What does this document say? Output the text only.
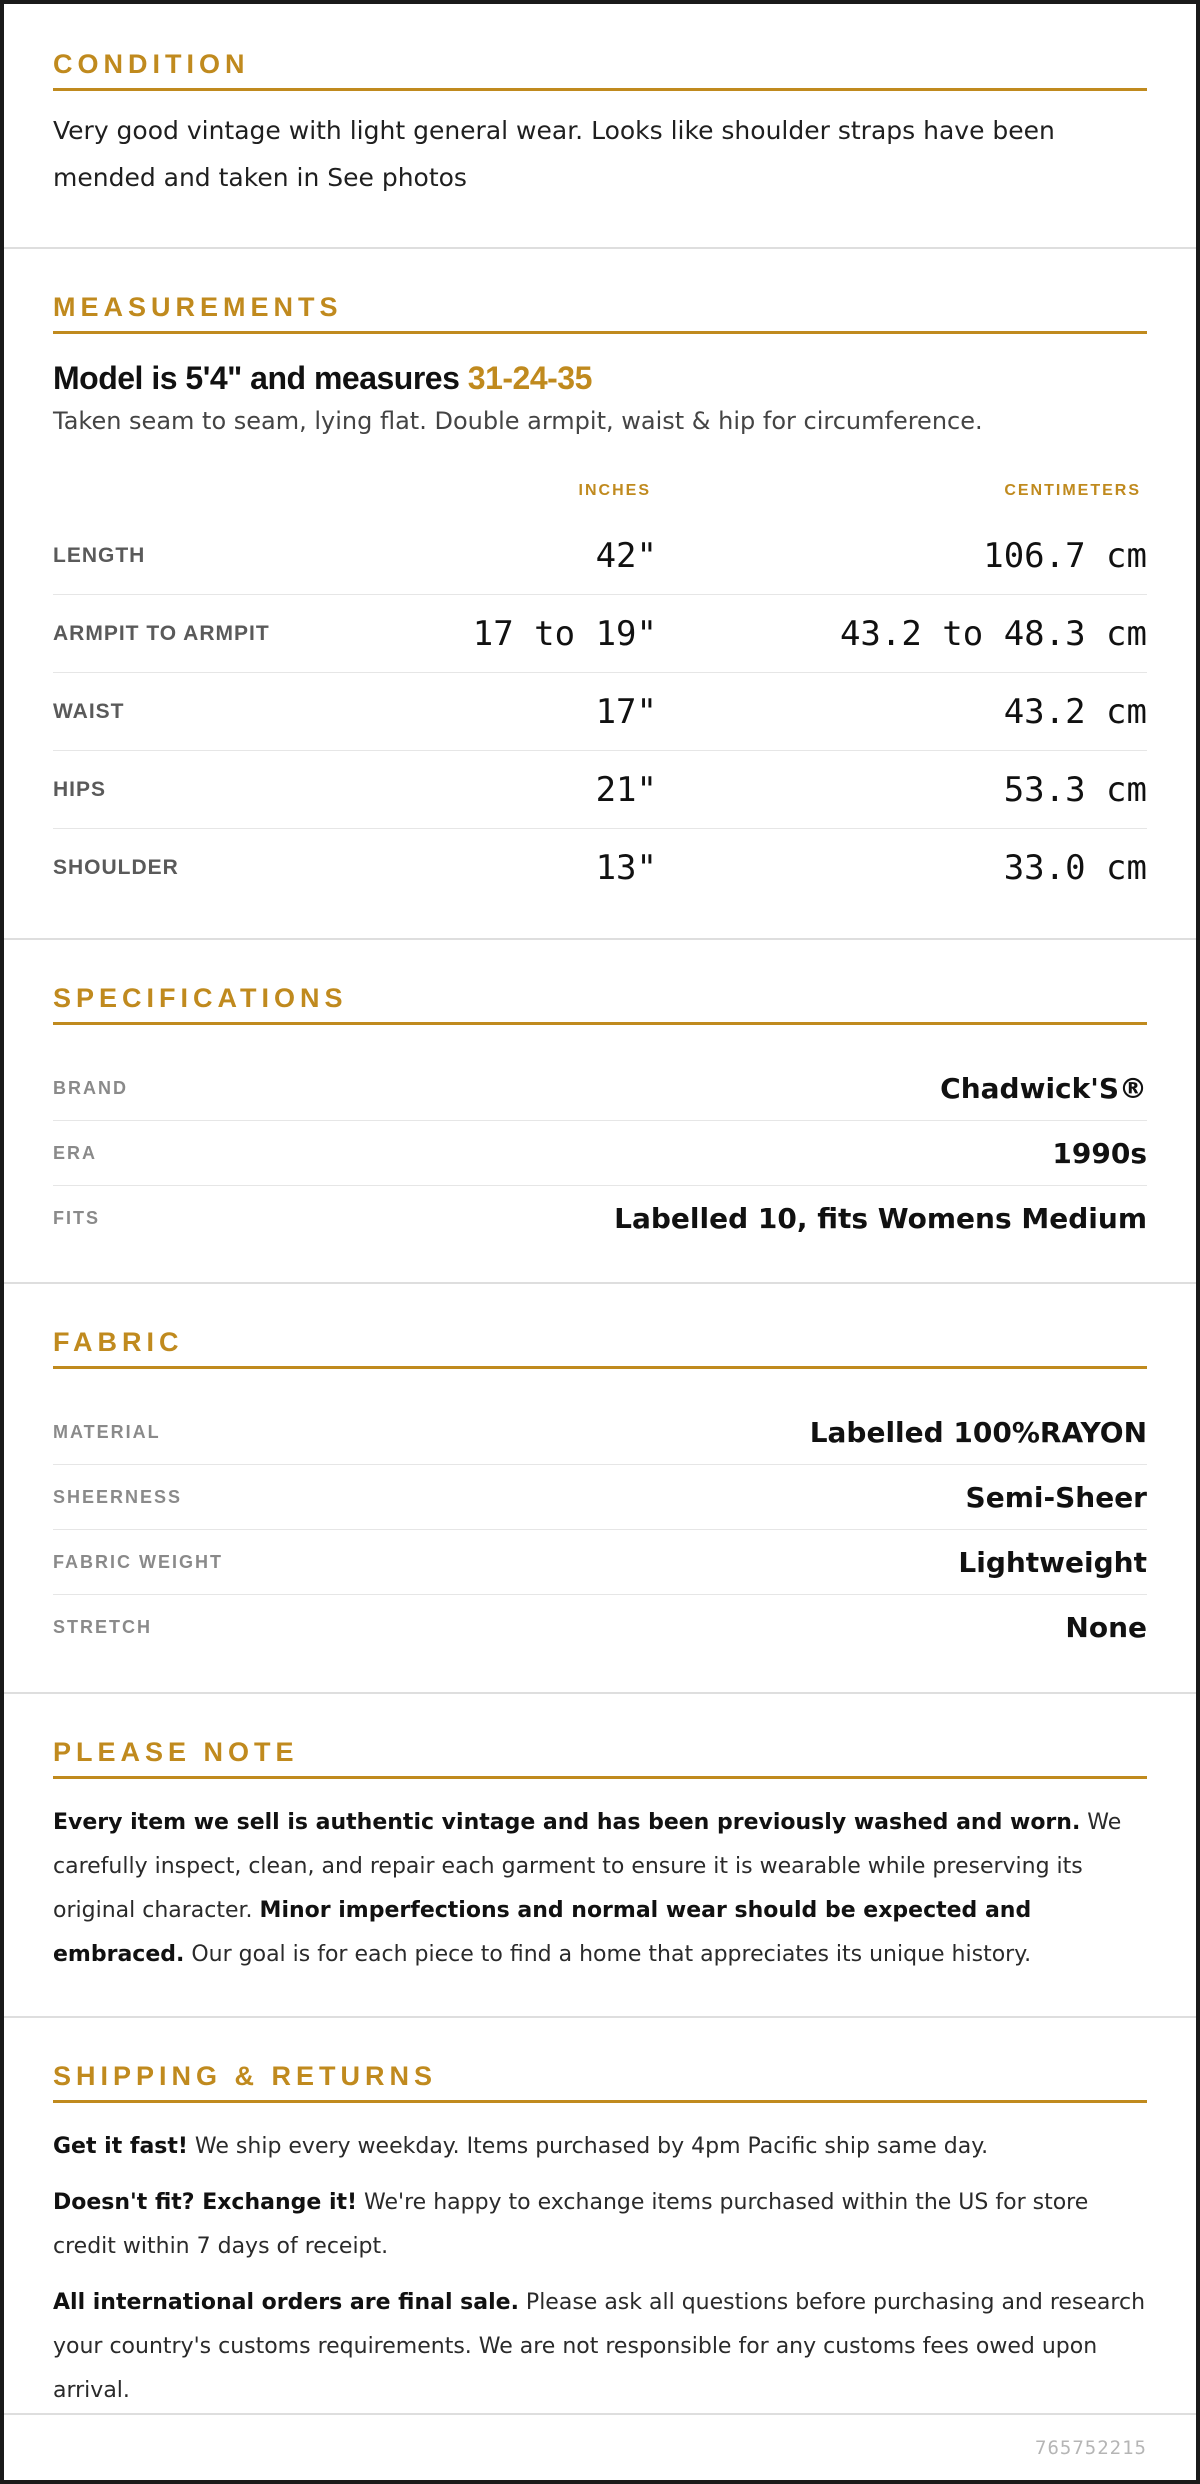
CONDITION
Very good vintage with light general wear. Looks like shoulder straps have been
mended and taken in See photos
MEASUREMENTS
Model is 5'4" and measures 31-24-35
Taken seam to seam, lying flat. Double armpit, waist & hip for circumference.
INCHES	CENTIMETERS
LENGTH	42"	106.7 cm
ARMPIT TO ARMPIT	17 to 19"	43.2 to 48.3 cm
WAIST	17"	43.2 cm
HIPS	21"	53.3 cm
SHOULDER	13"	33.0 cm
SPECIFICATIONS
BRAND	Chadwick'S®
ERA	1990s
FITS	Labelled 10, fits Womens Medium
FABRIC
MATERIAL	Labelled 100%RAYON
SHEERNESS	Semi-Sheer
FABRIC WEIGHT	Lightweight
STRETCH	None
PLEASE NOTE
Every item we sell is authentic vintage and has been previously washed and worn. We carefully inspect, clean, and repair each garment to ensure it is wearable while preserving its original character. Minor imperfections and normal wear should be expected and embraced. Our goal is for each piece to find a home that appreciates its unique history.
SHIPPING & RETURNS
Get it fast! We ship every weekday. Items purchased by 4pm Pacific ship same day.
Doesn't fit? Exchange it! We're happy to exchange items purchased within the US for store credit within 7 days of receipt.
All international orders are final sale. Please ask all questions before purchasing and research your country's customs requirements. We are not responsible for any customs fees owed upon arrival.
765752215
